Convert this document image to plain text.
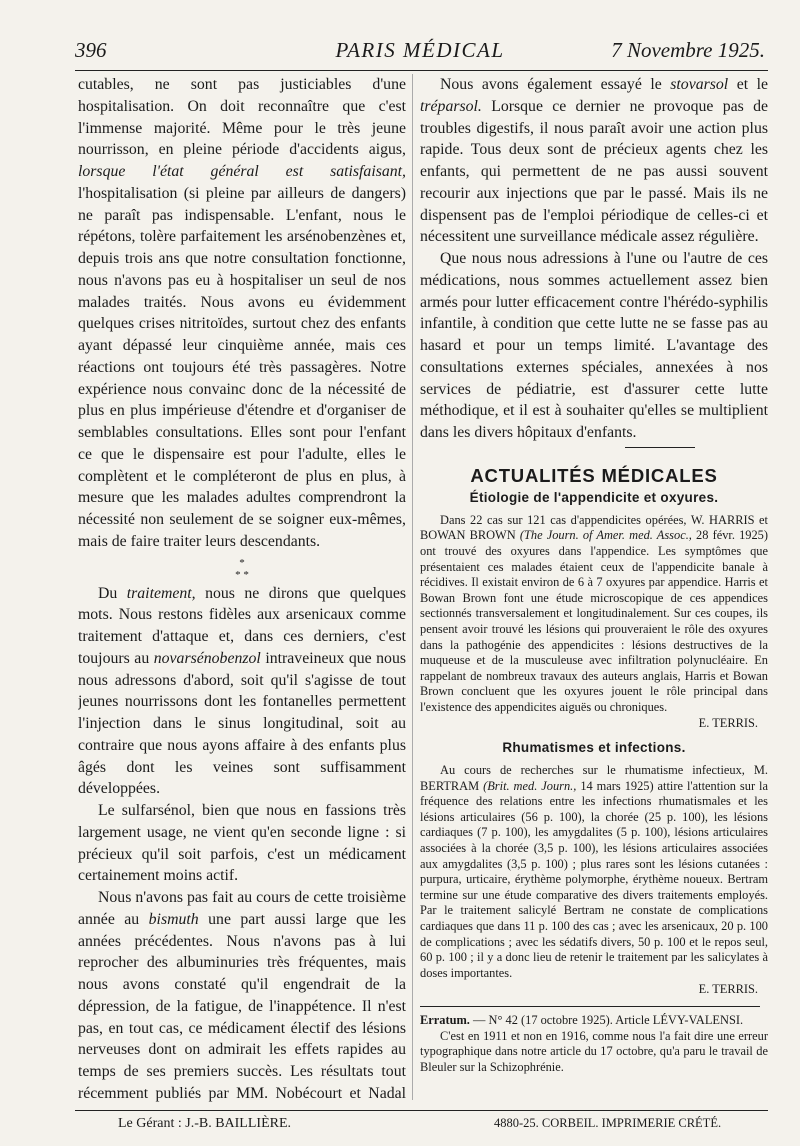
396	PARIS MÉDICAL	7 Novembre 1925.

cutables, ne sont pas justiciables d'une hospitalisation. On doit reconnaître que c'est l'immense majorité. Même pour le très jeune nourrisson, en pleine période d'accidents aigus, lorsque l'état général est satisfaisant, l'hospitalisation (si pleine par ailleurs de dangers) ne paraît pas indispensable. L'enfant, nous le répétons, tolère parfaitement les arsénobenzènes et, depuis trois ans que notre consultation fonctionne, nous n'avons pas eu à hospitaliser un seul de nos malades traités. Nous avons eu évidemment quelques crises nitritoïdes, surtout chez des enfants ayant dépassé leur cinquième année, mais ces réactions ont toujours été très passagères. Notre expérience nous convainc donc de la nécessité de plus en plus impérieuse d'étendre et d'organiser de semblables consultations. Elles sont pour l'enfant ce que le dispensaire est pour l'adulte, elles le complètent et le compléteront de plus en plus, à mesure que les malades adultes comprendront la nécessité non seulement de se soigner eux-mêmes, mais de faire traiter leurs descendants.

*
* *

Du traitement, nous ne dirons que quelques mots. Nous restons fidèles aux arsenicaux comme traitement d'attaque et, dans ces derniers, c'est toujours au novarsénobenzol intraveineux que nous nous adressons d'abord, soit qu'il s'agisse de tout jeunes nourrissons dont les fontanelles permettent l'injection dans le sinus longitudinal, soit au contraire que nous ayons affaire à des enfants plus âgés dont les veines sont suffisamment développées.

Le sulfarsénol, bien que nous en fassions très largement usage, ne vient qu'en seconde ligne : si précieux qu'il soit parfois, c'est un médicament certainement moins actif.

Nous n'avons pas fait au cours de cette troisième année au bismuth une part aussi large que les années précédentes. Nous n'avons pas à lui reprocher des albuminuries très fréquentes, mais nous avons constaté qu'il engendrait de la dépression, de la fatigue, de l'inappétence. Il n'est pas, en tout cas, ce médicament électif des lésions nerveuses dont on admirait les effets rapides au temps de ses premiers succès. Les résultats tout récemment publiés par MM. Nobécourt et Nadal

Nous avons également essayé le stovarsol et le tréparsol. Lorsque ce dernier ne provoque pas de troubles digestifs, il nous paraît avoir une action plus rapide. Tous deux sont de précieux agents chez les enfants, qui permettent de ne pas aussi souvent recourir aux injections que par le passé. Mais ils ne dispensent pas de l'emploi périodique de celles-ci et nécessitent une surveillance médicale assez régulière.

Que nous nous adressions à l'une ou l'autre de ces médications, nous sommes actuellement assez bien armés pour lutter efficacement contre l'hérédo-syphilis infantile, à condition que cette lutte ne se fasse pas au hasard et pour un temps limité. L'avantage des consultations externes spéciales, annexées à nos services de pédiatrie, est d'assurer cette lutte méthodique, et il est à souhaiter qu'elles se multiplient dans les divers hôpitaux d'enfants.

ACTUALITÉS MÉDICALES
Étiologie de l'appendicite et oxyures.

Dans 22 cas sur 121 cas d'appendicites opérées, W. HARRIS et BOWAN BROWN (The Journ. of Amer. med. Assoc., 28 févr. 1925) ont trouvé des oxyures dans l'appendice. Les symptômes que présentaient ces malades étaient ceux de l'appendicite banale à récidives. Il existait environ de 6 à 7 oxyures par appendice. Harris et Bowan Brown font une étude microscopique de ces appendices sectionnés transversalement et longitudinalement. Sur ces coupes, ils pensent avoir trouvé les lésions qui prouveraient le rôle des oxyures dans la pathogénie des appendicites : lésions destructives de la muqueuse et de la musculeuse avec infiltration polynucléaire. En rappelant de nombreux travaux des auteurs anglais, Harris et Bowan Brown concluent que les oxyures jouent le rôle principal dans l'existence des appendicites aiguës ou chroniques.

E. TERRIS.

Rhumatismes et infections.

Au cours de recherches sur le rhumatisme infectieux, M. BERTRAM (Brit. med. Journ., 14 mars 1925) attire l'attention sur la fréquence des relations entre les infections rhumatismales et les lésions articulaires (56 p. 100), la chorée (25 p. 100), les lésions cardiaques (7 p. 100), les amygdalites (5 p. 100), lésions articulaires associées à la chorée (3,5 p. 100), les lésions articulaires associées aux amygdalites (3,5 p. 100) ; plus rares sont les lésions cutanées : purpura, urticaire, érythème polymorphe, érythème noueux. Bertram termine sur une étude comparative des divers traitements employés. Par le traitement salicylé Bertram ne constate de complications cardiaques que dans 11 p. 100 des cas ; avec les arsenicaux, 20 p. 100 de complications ; avec les sédatifs divers, 50 p. 100 et le repos seul, 60 p. 100 ; il y a donc lieu de retenir le traitement par les salicylates à doses importantes.

E. TERRIS.

Erratum. — N° 42 (17 octobre 1925). Article LÉVY-VALENSI.

C'est en 1911 et non en 1916, comme nous l'a fait dire une erreur typographique dans notre article du 17 octobre, qu'a paru le travail de Bleuler sur la Schizophrénie.

Le Gérant : J.-B. BAILLIÈRE.	4880-25. CORBEIL. IMPRIMERIE CRÉTÉ.
